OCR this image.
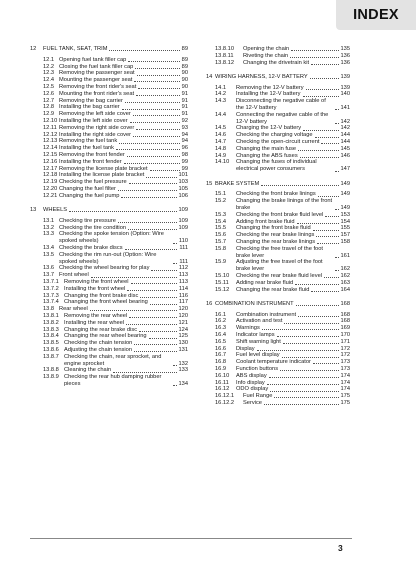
INDEX
12	FUEL TANK, SEAT, TRIM	89
12.1 Opening fuel tank filler cap	89
12.2 Closing the fuel tank filler cap	89
12.3 Removing the passenger seat	90
12.4 Mounting the passenger seat	90
12.5 Removing the front rider's seat	90
12.6 Mounting the front rider's seat	91
12.7 Removing the bag carrier	91
12.8 Installing the bag carrier	91
12.9 Removing the left side cover	91
12.10 Installing the left side cover	92
12.11 Removing the right side cover	93
12.12 Installing the right side cover	94
12.13 Removing the fuel tank	94
12.14 Installing the fuel tank	96
12.15 Removing the front fender	98
12.16 Installing the front fender	99
12.17 Removing the license plate bracket	99
12.18 Installing the license plate bracket	101
12.19 Checking the fuel pressure	103
12.20 Changing the fuel filter	105
12.21 Changing the fuel pump	106
13	WHEELS	109
13.1 Checking tire pressure	109
13.2 Checking the tire condition	109
13.3 Checking the spoke tension (Option: Wire spoked wheels)	110
13.4 Checking the brake discs	111
13.5 Checking the rim run-out (Option: Wire spoked wheels)	111
13.6 Checking the wheel bearing for play	112
13.7 Front wheel	113
13.7.1 Removing the front wheel	113
13.7.2 Installing the front wheel	114
13.7.3 Changing the front brake disc	116
13.7.4 Changing the front wheel bearing	117
13.8 Rear wheel	120
13.8.1 Removing the rear wheel	120
13.8.2 Installing the rear wheel	121
13.8.3 Changing the rear brake disc	124
13.8.4 Changing the rear wheel bearing	125
13.8.5 Checking the chain tension	130
13.8.6 Adjusting the chain tension	131
13.8.7 Checking the chain, rear sprocket, and engine sprocket	132
13.8.8 Cleaning the chain	133
13.8.9 Checking the rear hub damping rubber pieces	134
13.8.10	Opening the chain	135
13.8.11	Riveting the chain	136
13.8.12	Changing the drivetrain kit	136
14 WIRING HARNESS, 12-V BATTERY	139
14.1	Removing the 12-V battery	139
14.2	Installing the 12-V battery	140
14.3	Disconnecting the negative cable of the 12-V battery	141
14.4	Connecting the negative cable of the 12-V battery	142
14.5	Charging the 12-V battery	142
14.6	Checking the charging voltage	144
14.7	Checking the open-circuit current	144
14.8	Changing the main fuse	145
14.9	Changing the ABS fuses	146
14.10	Changing the fuses of individual electrical power consumers	147
15 BRAKE SYSTEM	149
15.1	Checking the front brake linings	149
15.2	Changing the brake linings of the front brake	149
15.3	Checking the front brake fluid level	153
15.4	Adding front brake fluid	154
15.5	Changing the front brake fluid	155
15.6	Checking the rear brake linings	157
15.7	Changing the rear brake linings	158
15.8	Checking the free travel of the foot brake lever	161
15.9	Adjusting the free travel of the foot brake lever	162
15.10	Checking the rear brake fluid level	162
15.11	Adding rear brake fluid	163
15.12	Changing the rear brake fluid	164
16 COMBINATION INSTRUMENT	168
16.1	Combination instrument	168
16.2	Activation and test	168
16.3	Warnings	169
16.4	Indicator lamps	170
16.5	Shift warning light	171
16.6	Display	172
16.7	Fuel level display	172
16.8	Coolant temperature indicator	173
16.9	Function buttons	173
16.10	ABS display	174
16.11	Info display	174
16.12	ODO display	174
16.12.1	Fuel Range	175
16.12.2	Service	175
3
